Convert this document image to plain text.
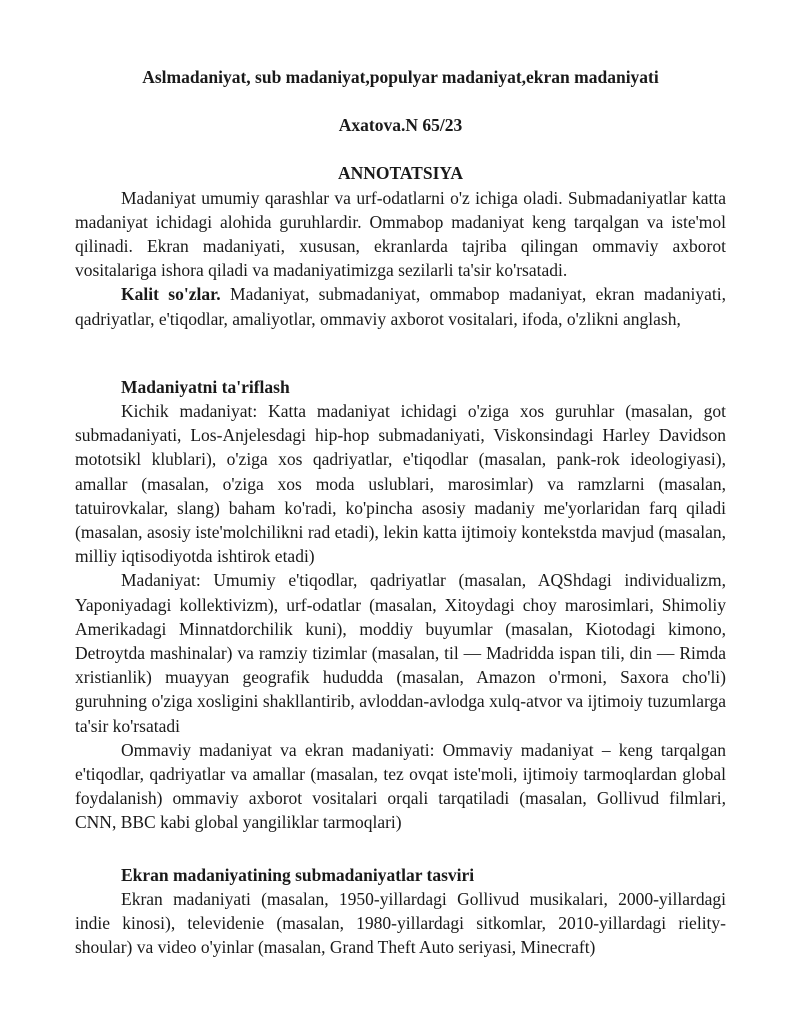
Aslmadaniyat, sub madaniyat,populyar madaniyat,ekran madaniyati

Axatova.N 65/23

ANNOTATSIYA

Madaniyat umumiy qarashlar va urf-odatlarni o'z ichiga oladi. Submadaniyatlar katta madaniyat ichidagi alohida guruhlardir. Ommabop madaniyat keng tarqalgan va iste'mol qilinadi. Ekran madaniyati, xususan, ekranlarda tajriba qilingan ommaviy axborot vositalariga ishora qiladi va madaniyatimizga sezilarli ta'sir ko'rsatadi.

Kalit so'zlar. Madaniyat, submadaniyat, ommabop madaniyat, ekran madaniyati, qadriyatlar, e'tiqodlar, amaliyotlar, ommaviy axborot vositalari, ifoda, o'zlikni anglash,

Madaniyatni ta'riflash

Kichik madaniyat: Katta madaniyat ichidagi o'ziga xos guruhlar (masalan, got submadaniyati, Los-Anjelesdagi hip-hop submadaniyati, Viskonsindagi Harley Davidson mototsikl klublari), o'ziga xos qadriyatlar, e'tiqodlar (masalan, pank-rok ideologiyasi), amallar (masalan, o'ziga xos moda uslublari, marosimlar) va ramzlarni (masalan, tatuirovkalar, slang) baham ko'radi, ko'pincha asosiy madaniy me'yorlaridan farq qiladi (masalan, asosiy iste'molchilikni rad etadi), lekin katta ijtimoiy kontekstda mavjud (masalan, milliy iqtisodiyotda ishtirok etadi)

Madaniyat: Umumiy e'tiqodlar, qadriyatlar (masalan, AQShdagi individualizm, Yaponiyadagi kollektivizm), urf-odatlar (masalan, Xitoydagi choy marosimlari, Shimoliy Amerikadagi Minnatdorchilik kuni), moddiy buyumlar (masalan, Kiotodagi kimono, Detroytda mashinalar) va ramziy tizimlar (masalan, til — Madridda ispan tili, din — Rimda xristianlik) muayyan geografik hududda (masalan, Amazon o'rmoni, Saxora cho'li) guruhning o'ziga xosligini shakllantirib, avloddan-avlodga xulq-atvor va ijtimoiy tuzumlarga ta'sir ko'rsatadi

Ommaviy madaniyat va ekran madaniyati: Ommaviy madaniyat – keng tarqalgan e'tiqodlar, qadriyatlar va amallar (masalan, tez ovqat iste'moli, ijtimoiy tarmoqlardan global foydalanish) ommaviy axborot vositalari orqali tarqatiladi (masalan, Gollivud filmlari, CNN, BBC kabi global yangiliklar tarmoqlari)

Ekran madaniyatining submadaniyatlar tasviri

Ekran madaniyati (masalan, 1950-yillardagi Gollivud musikalari, 2000-yillardagi indie kinosi), televidenie (masalan, 1980-yillardagi sitkomlar, 2010-yillardagi rielity-shoular) va video o'yinlar (masalan, Grand Theft Auto seriyasi, Minecraft)
